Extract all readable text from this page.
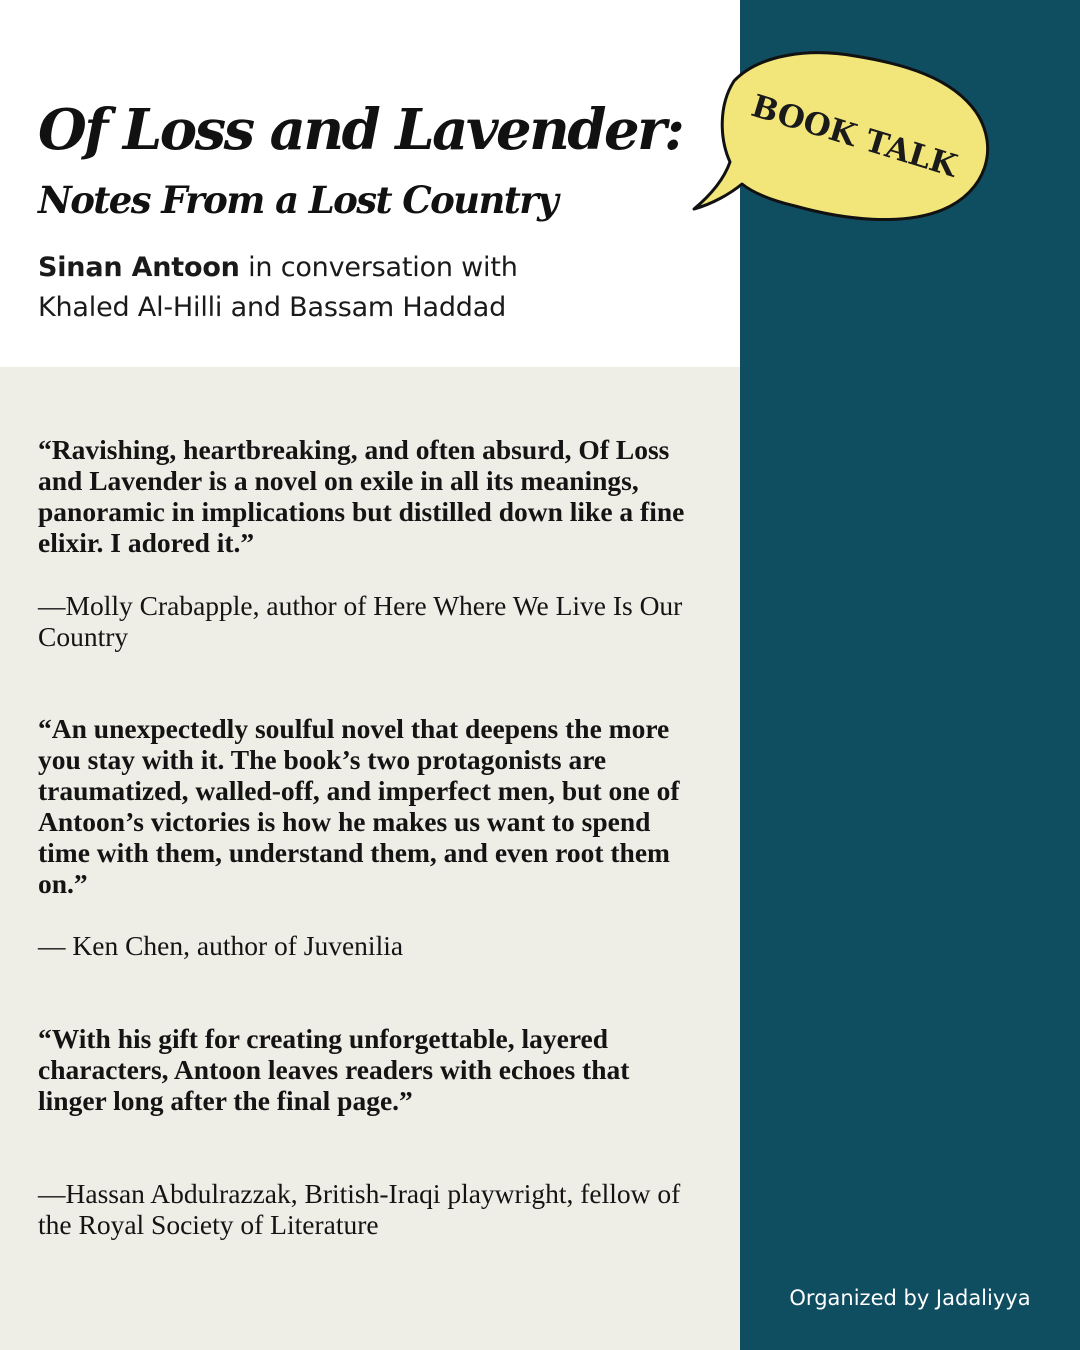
Of Loss and Lavender:
Notes From a Lost Country
Sinan Antoon in conversation with
Khaled Al-Hilli and Bassam Haddad
BOOK TALK

“Ravishing, heartbreaking, and often absurd, Of Loss and Lavender is a novel on exile in all its meanings, panoramic in implications but distilled down like a fine elixir. I adored it.”

—Molly Crabapple, author of Here Where We Live Is Our Country

“An unexpectedly soulful novel that deepens the more you stay with it. The book’s two protagonists are traumatized, walled-off, and imperfect men, but one of Antoon’s victories is how he makes us want to spend time with them, understand them, and even root them on.”

— Ken Chen, author of Juvenilia

“With his gift for creating unforgettable, layered characters, Antoon leaves readers with echoes that
linger long after the final page.”

—Hassan Abdulrazzak, British-Iraqi playwright, fellow of the Royal Society of Literature

Organized by Jadaliyya
